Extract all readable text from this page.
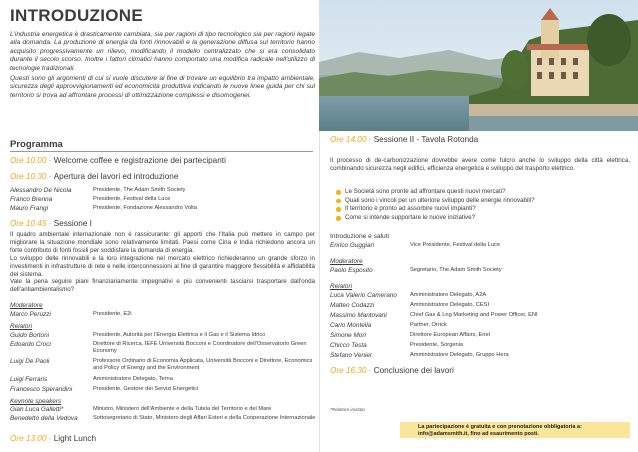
INTRODUZIONE

L'industria energetica è drasticamente cambiata, sia per ragioni di tipo tecnologico sia per ragioni legate alla domanda. La produzione di energia da fonti rinnovabili e la generazione diffusa sul territorio hanno acquisito progressivamente un rilievo, modificando il modello centralizzato che si era consolidato durante il secolo scorso. Inoltre i fattori climatici hanno comportato una modifica radicale nell'utilizzo di tecnologie tradizionali.

Questi sono gli argomenti di cui si vuole discutere al fine di trovare un equilibrio tra impatto ambientale, sicurezza degli approvvigionamenti ed economicità produttiva indicando le nuove linee guida per chi sul territorio si trova ad affrontare processi di ottimizzazione complessi e disomogenei.

Programma
Ore 10.00 - Welcome coffee e registrazione dei partecipanti
Ore 10.30 - Apertura dei lavori ed introduzione
Alessandro De Nicola	Presidente, The Adam Smith Society
Franco Brenna	Presidente, Festival della Luce
Mauro Frangi	Presidente, Fondazione Alessandro Volta
Ore 10.45 - Sessione I
Il quadro ambientale internazionale non è rassicurante: gli apporti che l'Italia può mettere in campo per migliorare la situazione mondiale sono relativamente limitati. Paesi come Cina e India richiedono ancora un forte contributo di fonti fossili per soddisfare la domanda di energia.
Lo sviluppo delle rinnovabili e la loro integrazione nel mercato elettrico richiederanno un grande sforzo in investimenti in infrastrutture di rete e nelle interconnessioni al fine di garantire maggiore flessibilità e affidabilità del sistema.
Vale la pena seguire piani finanziariamente impegnativi e più convenienti tasciarsi trasportare dall'onda dell'antiambientalismo?
Moderatore
Marco Peruzzi	Presidente, E2i
Relatori
Guido Bortoni	Presidente, Autorità per l'Energia Elettrica e il Gas e il Sistema Idrico
Edoardo Croci	Direttore di Ricerca, IEFE Università Bocconi e Coordinatore dell'Osservatorio Green Economy
Luigi De Paoli	Professore Ordinario di Economia Applicata, Università Bocconi e Direttore, Economics and Policy of Energy and the Environment
Luigi Ferraris	Amministratore Delegato, Terna
Francesco Sperandini	Presidente, Gestore dei Servizi Energetici
Keynote speakers
Gian Luca Galletti*	Ministro, Ministero dell'Ambiente e della Tutela del Territorio e del Mare
Benedetto della Vedova	Sottosegretario di Stato, Ministero degli Affari Esteri e della Cooperazione Internazionale
Ore 13.00 - Light Lunch
Ore 14.00 - Sessione II - Tavola Rotonda
Il processo di de-carbonizzazione dovrebbe avere come fulcro anche lo sviluppo della città elettrica, combinando sicurezza negli edifici, efficienza energetica e sviluppo del trasporto elettrico.
Le Società sono pronte ad affrontare questi nuovi mercati?
Quali sono i vincoli per un ulteriore sviluppo delle energie rinnovabili?
Il territorio è pronto ad assorbire nuovi impianti?
Come si intende supportare le nuove iniziative?
Introduzione e saluti
Enrico Guggiari	Vice Presidente, Festival della Luce
Moderatore
Paolo Esposito	Segretario, The Adam Smith Society
Relatori
Luca Valerio Camerano Amministratore Delegato, A2A
Matteo Codazzi	Amministratore Delegato, CESI
Massimo Mantovani	Chief Gas & Lng Marketing and Power Officer, ENI
Carlo Montella	Partner, Orrick
Simone Mori	Direttore European Affairs, Enel
Chicco Testa	Presidente, Sorgenia
Stefano Venier	Amministratore Delegato, Gruppo Hera
Ore 16.30 - Conclusione dei lavori
*Relatore invitato
La partecipazione è gratuita e con prenotazione obbligatoria a: info@adamsmith.it, fino ad esaurimento posti.
